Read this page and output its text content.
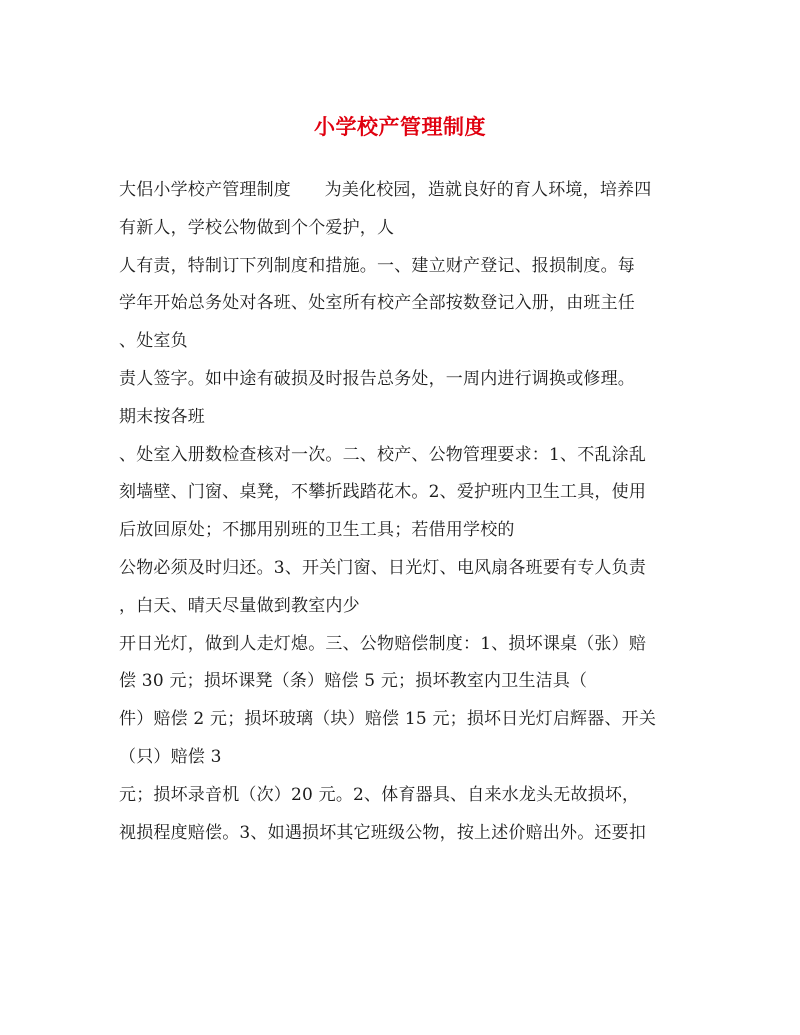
小学校产管理制度
大侣小学校产管理制度      为美化校园，造就良好的育人环境，培养四
有新人，学校公物做到个个爱护，人
人有责，特制订下列制度和措施。一、建立财产登记、报损制度。每
学年开始总务处对各班、处室所有校产全部按数登记入册，由班主任
、处室负
责人签字。如中途有破损及时报告总务处，一周内进行调换或修理。
期末按各班
、处室入册数检查核对一次。二、校产、公物管理要求：1、不乱涂乱
刻墙壁、门窗、桌凳，不攀折践踏花木。2、爱护班内卫生工具，使用
后放回原处；不挪用别班的卫生工具；若借用学校的
公物必须及时归还。3、开关门窗、日光灯、电风扇各班要有专人负责
，白天、晴天尽量做到教室内少
开日光灯，做到人走灯熄。三、公物赔偿制度：1、损坏课桌（张）赔
偿 30 元；损坏课凳（条）赔偿 5 元；损坏教室内卫生洁具（
件）赔偿 2 元；损坏玻璃（块）赔偿 15 元；损坏日光灯启辉器、开关
（只）赔偿 3
元；损坏录音机（次）20 元。2、体育器具、自来水龙头无故损坏，
视损程度赔偿。3、如遇损坏其它班级公物，按上述价赔出外。还要扣
